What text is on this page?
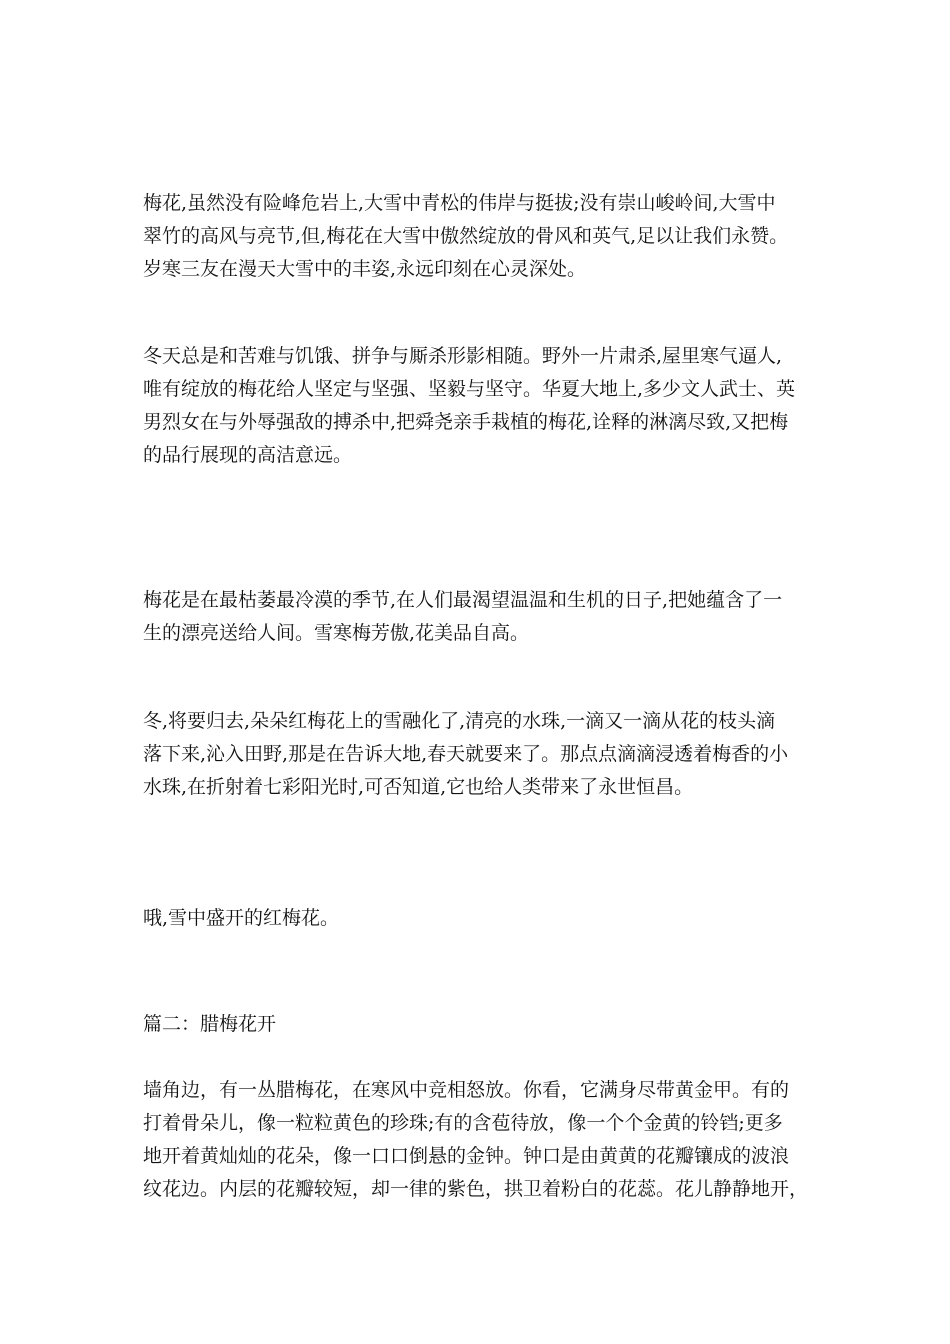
梅花,虽然没有险峰危岩上,大雪中青松的伟岸与挺拔;没有崇山峻岭间,大雪中
翠竹的高风与亮节,但,梅花在大雪中傲然绽放的骨风和英气,足以让我们永赞。
岁寒三友在漫天大雪中的丰姿,永远印刻在心灵深处。

冬天总是和苦难与饥饿、拼争与厮杀形影相随。野外一片肃杀,屋里寒气逼人,
唯有绽放的梅花给人坚定与坚强、坚毅与坚守。华夏大地上,多少文人武士、英
男烈女在与外辱强敌的搏杀中,把舜尧亲手栽植的梅花,诠释的淋漓尽致,又把梅
的品行展现的高洁意远。

梅花是在最枯萎最冷漠的季节,在人们最渴望温温和生机的日子,把她蕴含了一
生的漂亮送给人间。雪寒梅芳傲,花美品自高。

冬,将要归去,朵朵红梅花上的雪融化了,清亮的水珠,一滴又一滴从花的枝头滴
落下来,沁入田野,那是在告诉大地,春天就要来了。那点点滴滴浸透着梅香的小
水珠,在折射着七彩阳光时,可否知道,它也给人类带来了永世恒昌。

哦,雪中盛开的红梅花。

篇二：腊梅花开

墙角边，有一丛腊梅花，在寒风中竞相怒放。你看，它满身尽带黄金甲。有的
打着骨朵儿，像一粒粒黄色的珍珠;有的含苞待放，像一个个金黄的铃铛;更多
地开着黄灿灿的花朵，像一口口倒悬的金钟。钟口是由黄黄的花瓣镶成的波浪
纹花边。内层的花瓣较短，却一律的紫色，拱卫着粉白的花蕊。花儿静静地开，
